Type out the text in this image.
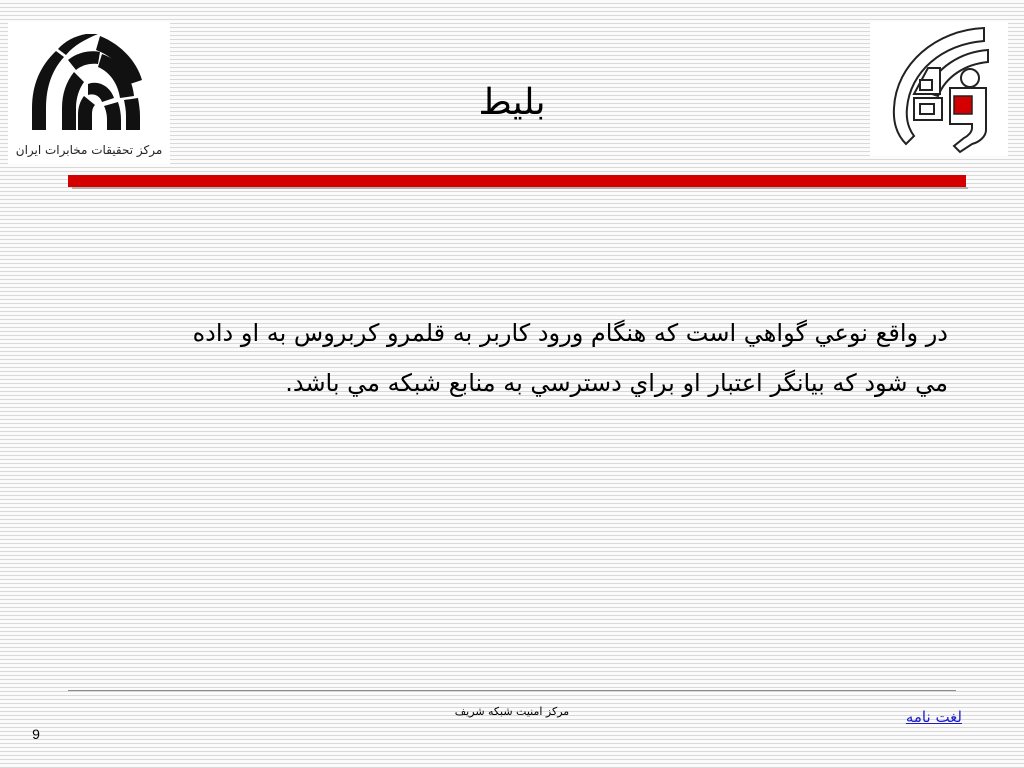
مرکز تحقیقات مخابرات ایران
بليط

در واقع نوعي گواهي است که هنگام ورود کاربر به قلمرو کربروس به او داده

مي شود که بيانگر اعتبار او براي دسترسي به منابع شبکه مي باشد.

مرکز امنیت شبکه شریف	لغت نامه
9
